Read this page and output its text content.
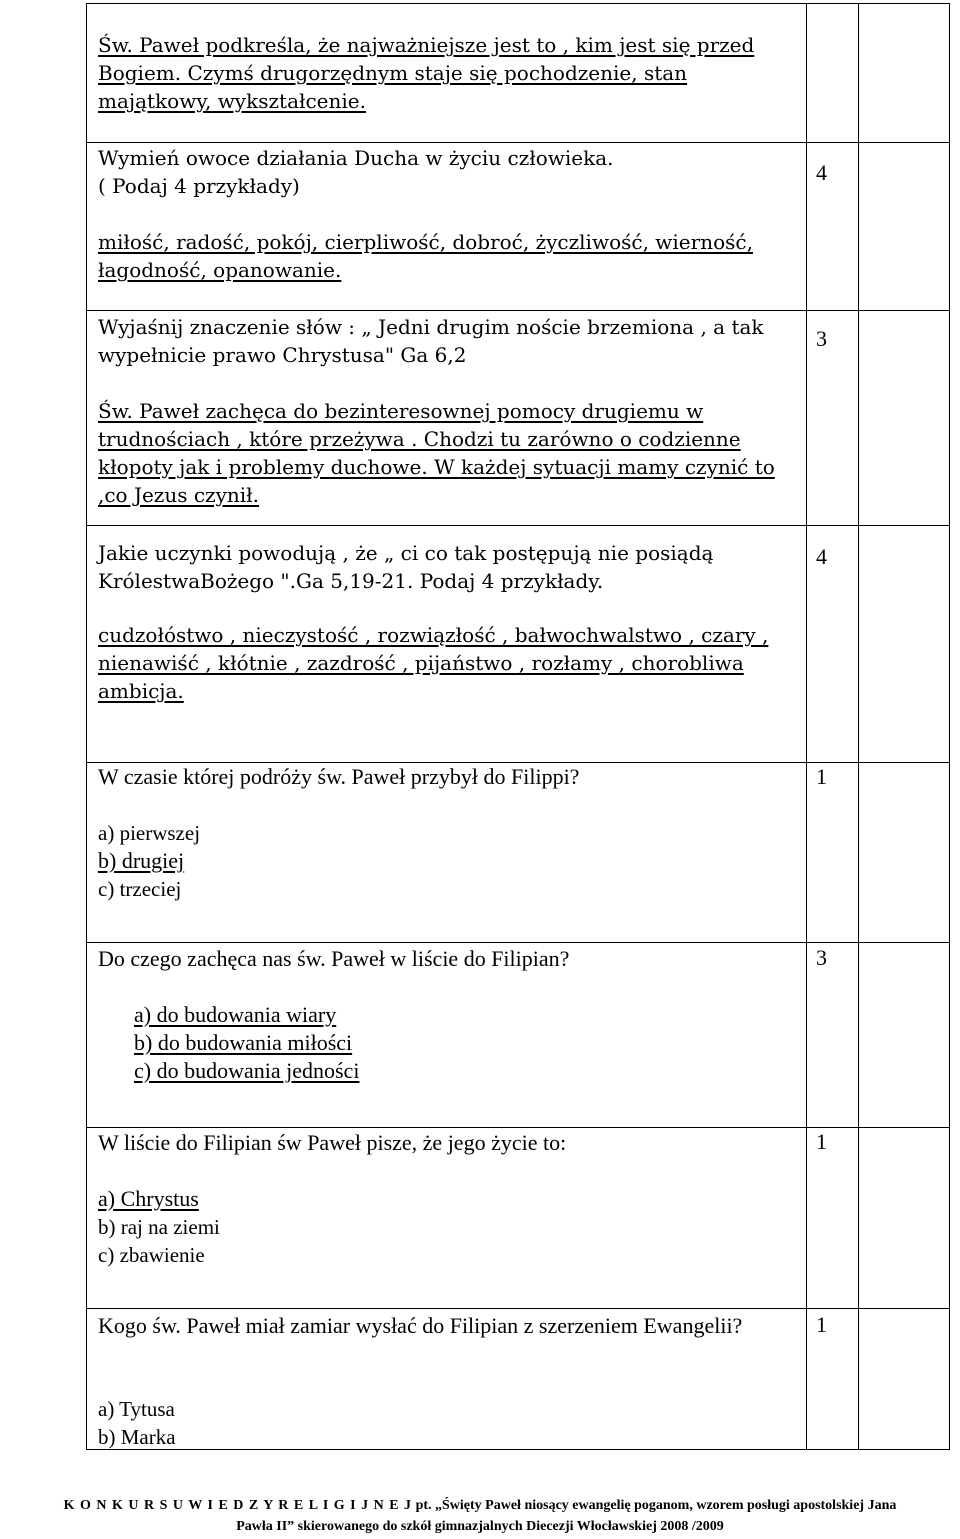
Św. Paweł podkreśla, że najważniejsze jest to , kim jest się przed Bogiem. Czymś drugorzędnym staje się pochodzenie, stan majątkowy, wykształcenie.
Wymień owoce działania Ducha w życiu człowieka.
( Podaj 4 przykłady)
miłość, radość, pokój, cierpliwość, dobroć, życzliwość, wierność, łagodność, opanowanie.
4
Wyjaśnij znaczenie słów : „ Jedni drugim noście brzemiona , a tak wypełnicie prawo Chrystusa" Ga 6,2
Św. Paweł zachęca do bezinteresownej pomocy drugiemu w trudnościach , które przeżywa . Chodzi tu zarówno o codzienne kłopoty jak i problemy duchowe. W każdej sytuacji mamy czynić to ,co Jezus czynił.
3
Jakie uczynki powodują , że „ ci co tak postępują nie posiądą KrólestwaBożego ".Ga 5,19-21. Podaj 4 przykłady.
cudzołóstwo , nieczystość , rozwiązłość , bałwochwalstwo , czary , nienawiść , kłótnie , zazdrość , pijaństwo , rozłamy , chorobliwa ambicja.
4
W czasie której podróży św. Paweł przybył do Filippi?
a) pierwszej
b) drugiej
c) trzeciej
1
Do czego zachęca nas św. Paweł w liście do Filipian?
a) do budowania wiary
b) do budowania miłości
c) do budowania jedności
3
W liście do Filipian św Paweł pisze, że jego życie to:
a) Chrystus
b) raj na ziemi
c) zbawienie
1
Kogo św. Paweł miał zamiar wysłać do Filipian z szerzeniem Ewangelii?
a) Tytusa
b) Marka
1
K O N K U R S U W I E D Z Y R E L I G I J N E J pt. „Święty Paweł niosący ewangelię poganom, wzorem posługi apostolskiej Jana
Pawła II” skierowanego do szkół gimnazjalnych Diecezji Włocławskiej 2008 /2009
